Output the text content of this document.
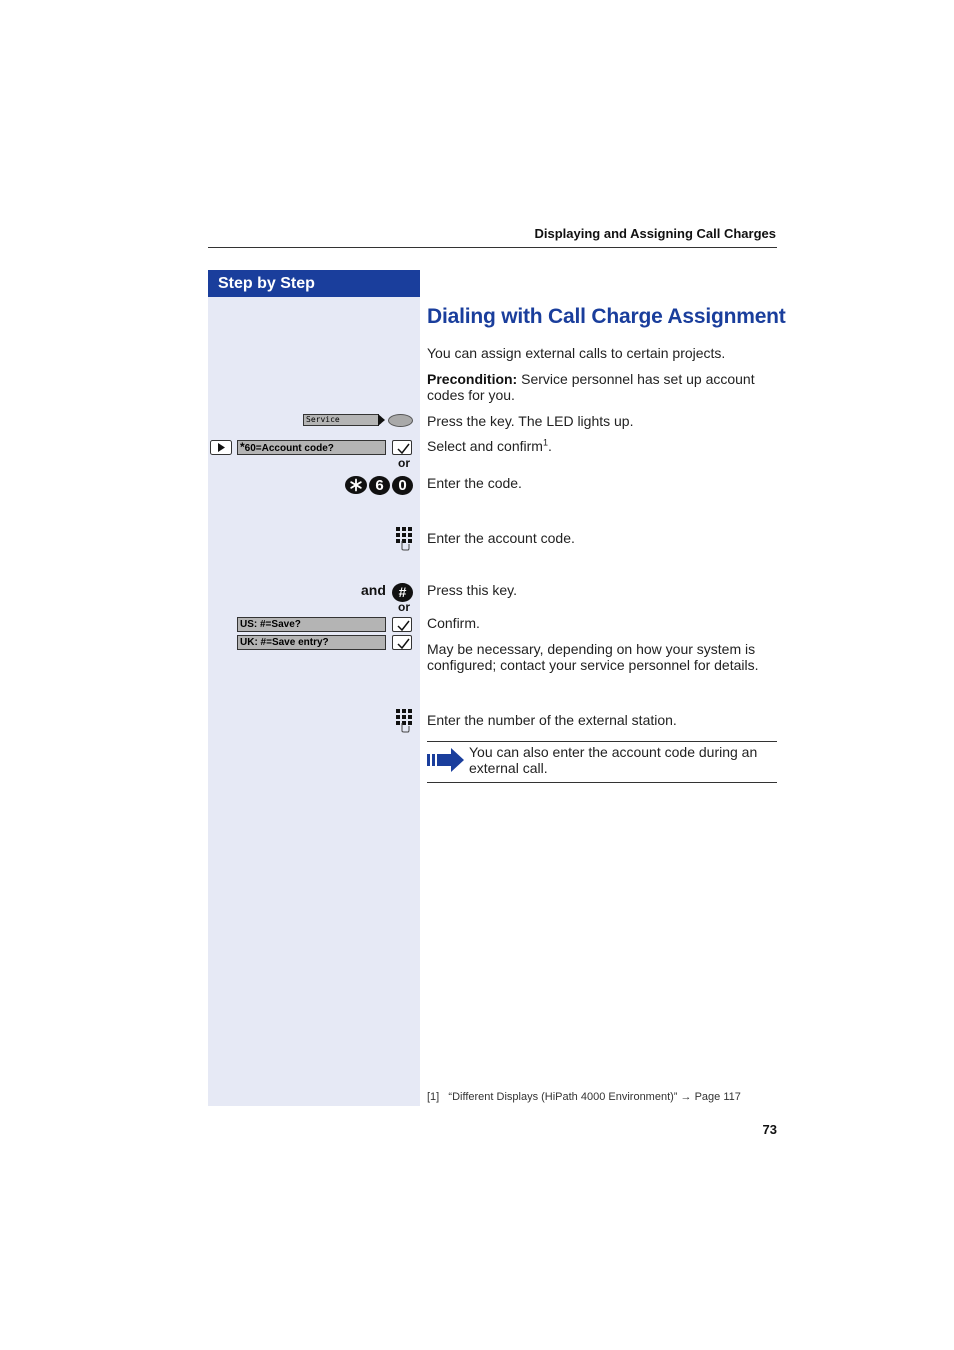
Displaying and Assigning Call Charges
Step by Step
Dialing with Call Charge Assignment
You can assign external calls to certain projects.
Precondition: Service personnel has set up account codes for you.
Service	Press the key. The LED lights up.
*60=Account code?	Select and confirm$^1$.
or
6 0	Enter the code.
Enter the account code.
and #	Press this key.
or
US: #=Save?
UK: #=Save entry?
Confirm.
May be necessary, depending on how your system is configured; contact your service personnel for details.
Enter the number of the external station.
You can also enter the account code during an external call.
[1] “Different Displays (HiPath 4000 Environment)” → Page 117
73
